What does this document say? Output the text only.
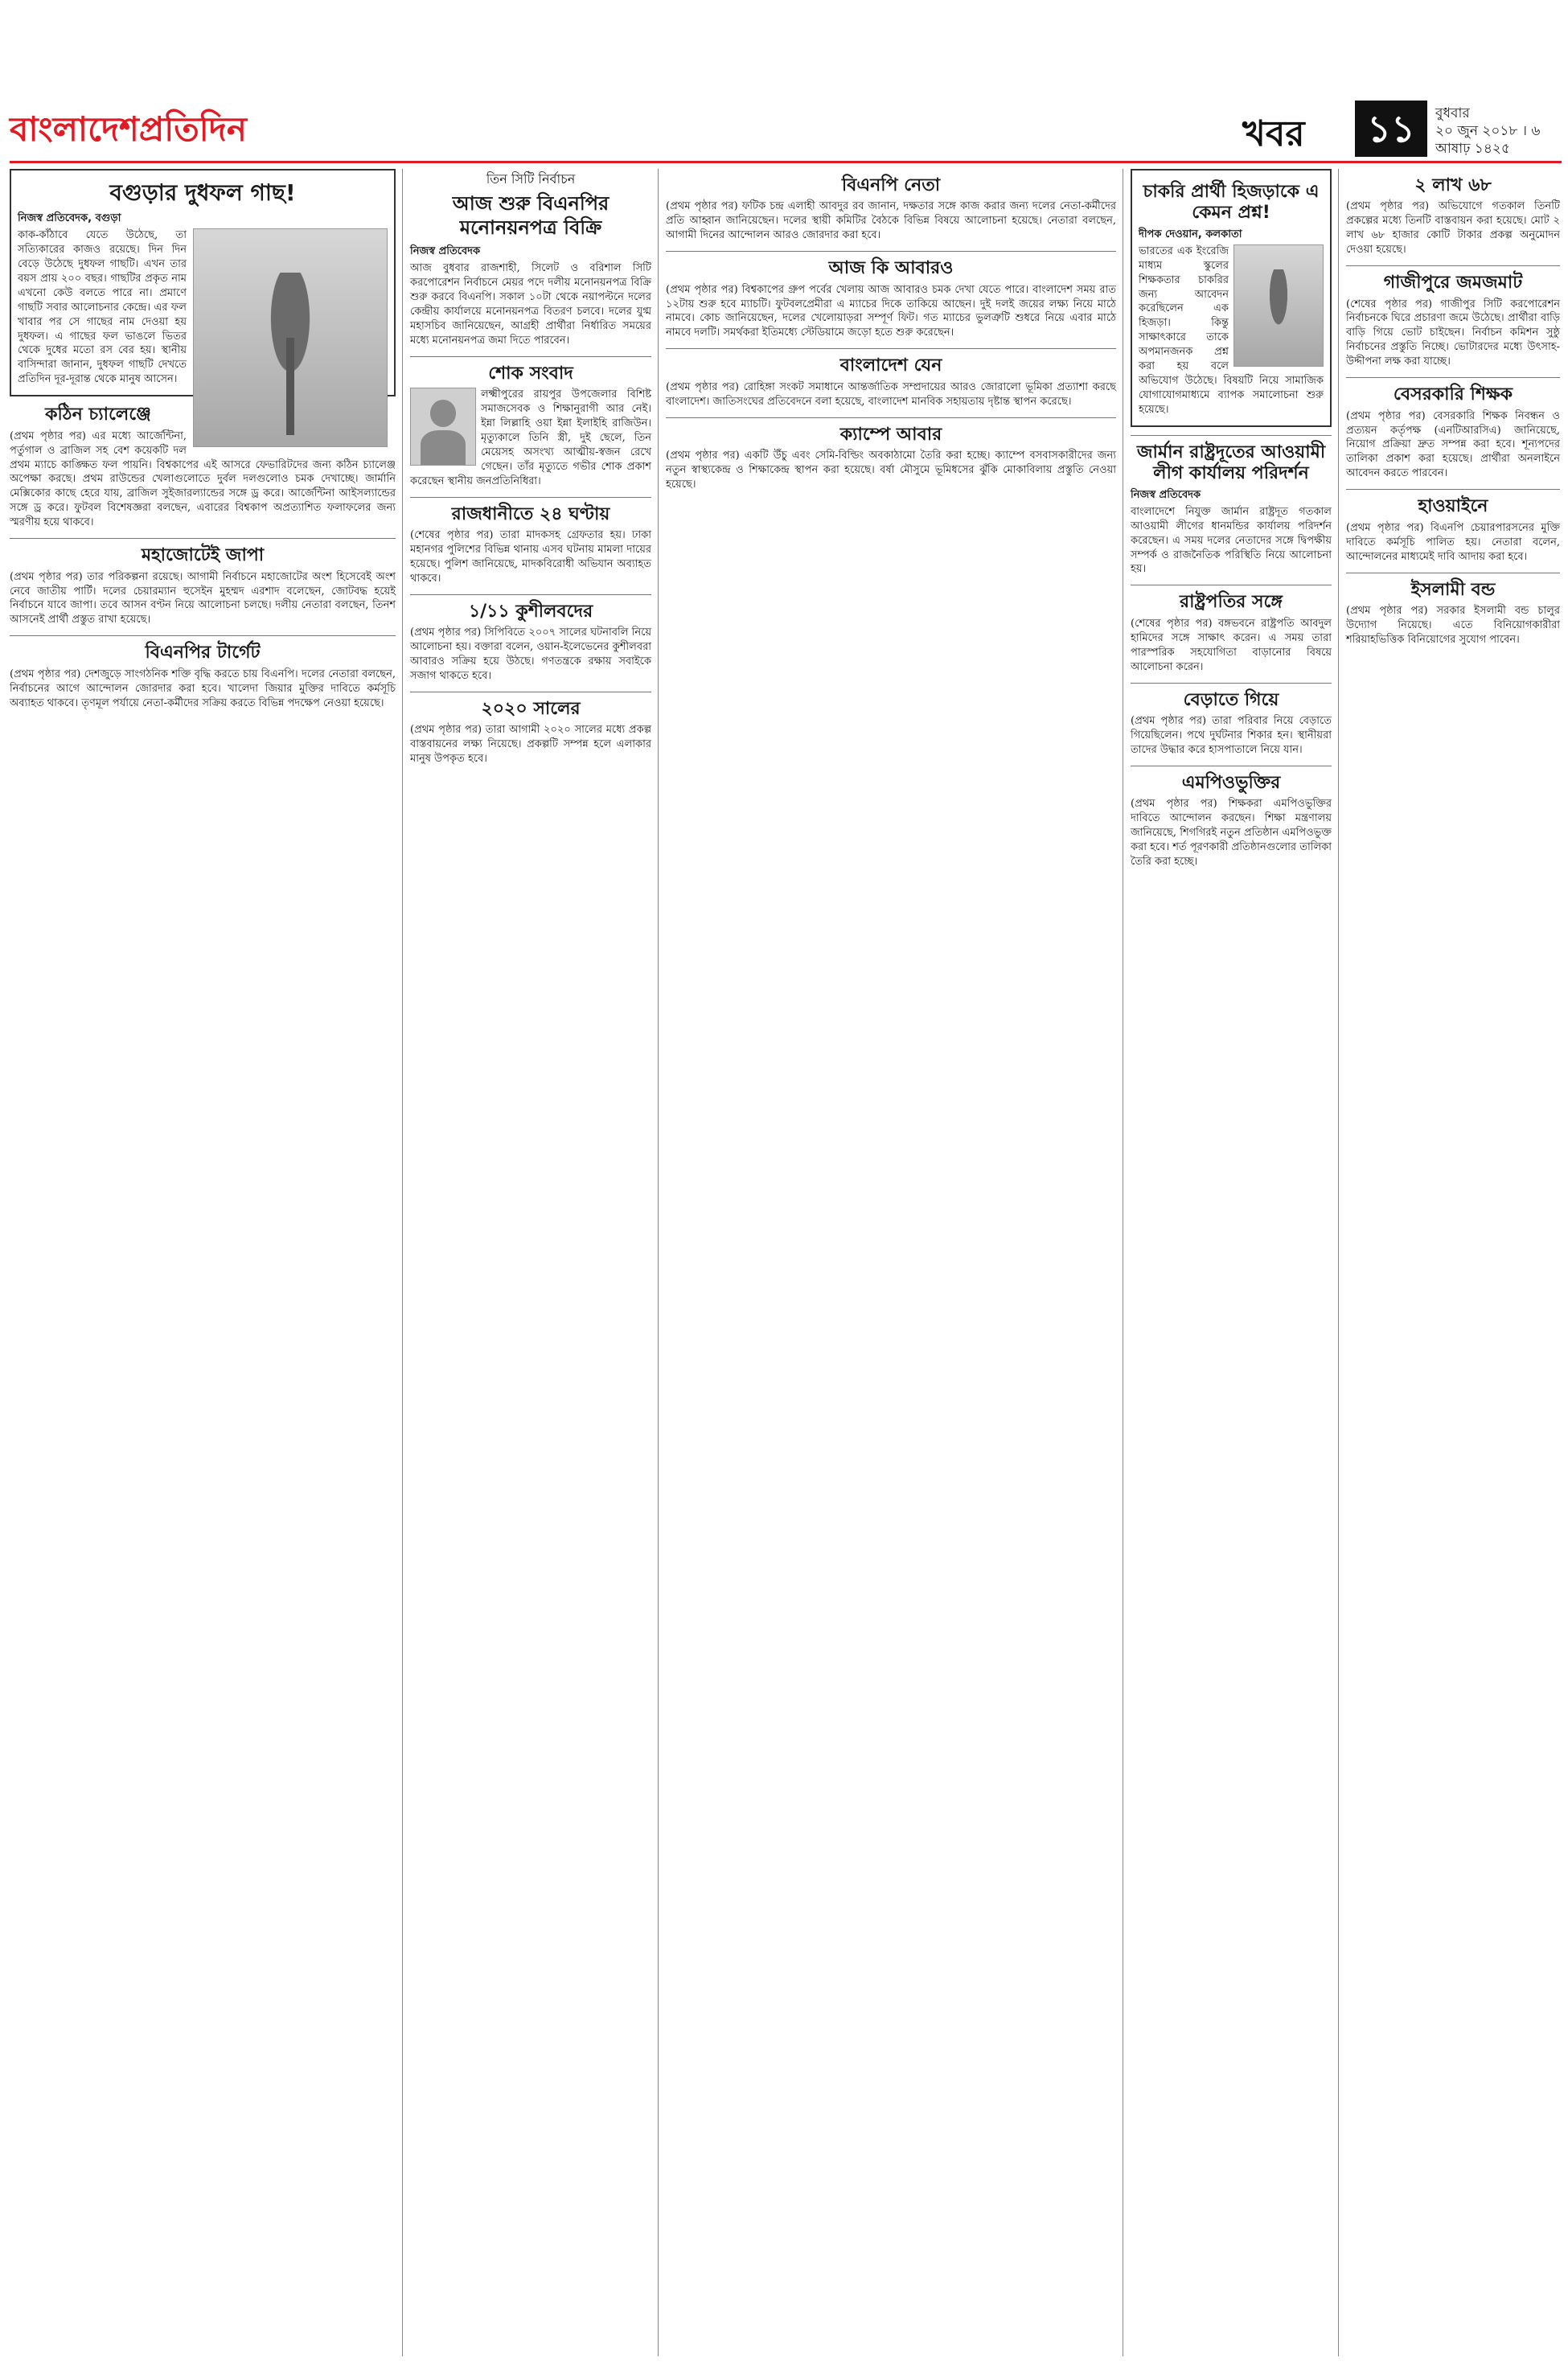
বাংলাদেশপ্রতিদিন	খবর	১১	বুধবার
২০ জুন ২০১৮ । ৬ আষাঢ় ১৪২৫
বগুড়ার দুধফল গাছ!
নিজস্ব প্রতিবেদক, বগুড়া

কাক-কাঁঠাবে যেতে উঠেছে, তা সত্যিকারের কাজও রয়েছে। দিন দিন বেড়ে উঠেছে দুধফল গাছটি। এখন তার বয়স প্রায় ২০০ বছর। গাছটির প্রকৃত নাম এখনো কেউ বলতে পারে না। প্রমাণে গাছটি সবার আলোচনার কেন্দ্রে। এর ফল খাবার পর সে গাছের নাম দেওয়া হয় দুধফল। এ গাছের ফল ভাঙলে ভিতর থেকে দুধের মতো রস বের হয়। স্থানীয় বাসিন্দারা জানান, দুধফল গাছটি দেখতে প্রতিদিন দূর-দূরান্ত থেকে মানুষ আসেন।

কঠিন চ্যালেঞ্জে

(প্রথম পৃষ্ঠার পর) এর মধ্যে আর্জেন্টিনা, পর্তুগাল ও ব্রাজিল সহ বেশ কয়েকটি দল প্রথম ম্যাচে কাঙ্ক্ষিত ফল পায়নি। বিশ্বকাপের এই আসরে ফেভারিটদের জন্য কঠিন চ্যালেঞ্জ অপেক্ষা করছে। প্রথম রাউন্ডের খেলাগুলোতে দুর্বল দলগুলোও চমক দেখাচ্ছে। জার্মানি মেক্সিকোর কাছে হেরে যায়, ব্রাজিল সুইজারল্যান্ডের সঙ্গে ড্র করে। আর্জেন্টিনা আইসল্যান্ডের সঙ্গে ড্র করে। ফুটবল বিশেষজ্ঞরা বলছেন, এবারের বিশ্বকাপ অপ্রত্যাশিত ফলাফলের জন্য স্মরণীয় হয়ে থাকবে।

মহাজোটেই জাপা

(প্রথম পৃষ্ঠার পর) তার পরিকল্পনা রয়েছে। আগামী নির্বাচনে মহাজোটের অংশ হিসেবেই অংশ নেবে জাতীয় পার্টি। দলের চেয়ারম্যান হুসেইন মুহম্মদ এরশাদ বলেছেন, জোটবদ্ধ হয়েই নির্বাচনে যাবে জাপা। তবে আসন বণ্টন নিয়ে আলোচনা চলছে। দলীয় নেতারা বলছেন, তিনশ আসনেই প্রার্থী প্রস্তুত রাখা হয়েছে।

বিএনপির টার্গেট

(প্রথম পৃষ্ঠার পর) দেশজুড়ে সাংগঠনিক শক্তি বৃদ্ধি করতে চায় বিএনপি। দলের নেতারা বলছেন, নির্বাচনের আগে আন্দোলন জোরদার করা হবে। খালেদা জিয়ার মুক্তির দাবিতে কর্মসূচি অব্যাহত থাকবে। তৃণমূল পর্যায়ে নেতা-কর্মীদের সক্রিয় করতে বিভিন্ন পদক্ষেপ নেওয়া হয়েছে।

তিন সিটি নির্বাচন
আজ শুরু বিএনপির মনোনয়নপত্র বিক্রি
নিজস্ব প্রতিবেদক

আজ বুধবার রাজশাহী, সিলেট ও বরিশাল সিটি করপোরেশন নির্বাচনে মেয়র পদে দলীয় মনোনয়নপত্র বিক্রি শুরু করবে বিএনপি। সকাল ১০টা থেকে নয়াপল্টনে দলের কেন্দ্রীয় কার্যালয়ে মনোনয়নপত্র বিতরণ চলবে। দলের যুগ্ম মহাসচিব জানিয়েছেন, আগ্রহী প্রার্থীরা নির্ধারিত সময়ের মধ্যে মনোনয়নপত্র জমা দিতে পারবেন।

শোক সংবাদ

লক্ষ্মীপুরের রায়পুর উপজেলার বিশিষ্ট সমাজসেবক ও শিক্ষানুরাগী আর নেই। ইন্না লিল্লাহি ওয়া ইন্না ইলাইহি রাজিউন। মৃত্যুকালে তিনি স্ত্রী, দুই ছেলে, তিন মেয়েসহ অসংখ্য আত্মীয়-স্বজন রেখে গেছেন। তাঁর মৃত্যুতে গভীর শোক প্রকাশ করেছেন স্থানীয় জনপ্রতিনিধিরা।

রাজধানীতে ২৪ ঘণ্টায়

(শেষের পৃষ্ঠার পর) তারা মাদকসহ গ্রেফতার হয়। ঢাকা মহানগর পুলিশের বিভিন্ন থানায় এসব ঘটনায় মামলা দায়ের হয়েছে। পুলিশ জানিয়েছে, মাদকবিরোধী অভিযান অব্যাহত থাকবে।

১/১১ কুশীলবদের

(প্রথম পৃষ্ঠার পর) সিপিবিতে ২০০৭ সালের ঘটনাবলি নিয়ে আলোচনা হয়। বক্তারা বলেন, ওয়ান-ইলেভেনের কুশীলবরা আবারও সক্রিয় হয়ে উঠছে। গণতন্ত্রকে রক্ষায় সবাইকে সজাগ থাকতে হবে।

২০২০ সালের

(প্রথম পৃষ্ঠার পর) তারা আগামী ২০২০ সালের মধ্যে প্রকল্প বাস্তবায়নের লক্ষ্য নিয়েছে। প্রকল্পটি সম্পন্ন হলে এলাকার মানুষ উপকৃত হবে।

বিএনপি নেতা

(প্রথম পৃষ্ঠার পর) ফটিক চন্দ্র এলাহী আবদুর রব জানান, দক্ষতার সঙ্গে কাজ করার জন্য দলের নেতা-কর্মীদের প্রতি আহ্বান জানিয়েছেন। দলের স্থায়ী কমিটির বৈঠকে বিভিন্ন বিষয়ে আলোচনা হয়েছে। নেতারা বলছেন, আগামী দিনের আন্দোলন আরও জোরদার করা হবে।

আজ কি আবারও

(প্রথম পৃষ্ঠার পর) বিশ্বকাপের গ্রুপ পর্বের খেলায় আজ আবারও চমক দেখা যেতে পারে। বাংলাদেশ সময় রাত ১২টায় শুরু হবে ম্যাচটি। ফুটবলপ্রেমীরা এ ম্যাচের দিকে তাকিয়ে আছেন। দুই দলই জয়ের লক্ষ্য নিয়ে মাঠে নামবে। কোচ জানিয়েছেন, দলের খেলোয়াড়রা সম্পূর্ণ ফিট। গত ম্যাচের ভুলত্রুটি শুধরে নিয়ে এবার মাঠে নামবে দলটি। সমর্থকরা ইতিমধ্যে স্টেডিয়ামে জড়ো হতে শুরু করেছেন।

বাংলাদেশ যেন

(প্রথম পৃষ্ঠার পর) রোহিঙ্গা সংকট সমাধানে আন্তর্জাতিক সম্প্রদায়ের আরও জোরালো ভূমিকা প্রত্যাশা করছে বাংলাদেশ। জাতিসংঘের প্রতিবেদনে বলা হয়েছে, বাংলাদেশ মানবিক সহায়তায় দৃষ্টান্ত স্থাপন করেছে।

ক্যাম্পে আবার

(প্রথম পৃষ্ঠার পর) একটি উঁচু এবং সেমি-বিল্ডিং অবকাঠামো তৈরি করা হচ্ছে। ক্যাম্পে বসবাসকারীদের জন্য নতুন স্বাস্থ্যকেন্দ্র ও শিক্ষাকেন্দ্র স্থাপন করা হয়েছে। বর্ষা মৌসুমে ভূমিধসের ঝুঁকি মোকাবিলায় প্রস্তুতি নেওয়া হয়েছে।

চাকরি প্রার্থী হিজড়াকে এ কেমন প্রশ্ন!
দীপক দেওয়ান, কলকাতা

ভারতের এক ইংরেজি মাধ্যম স্কুলের শিক্ষকতার চাকরির জন্য আবেদন করেছিলেন এক হিজড়া। কিন্তু সাক্ষাৎকারে তাকে অপমানজনক প্রশ্ন করা হয় বলে অভিযোগ উঠেছে। বিষয়টি নিয়ে সামাজিক যোগাযোগমাধ্যমে ব্যাপক সমালোচনা শুরু হয়েছে।

জার্মান রাষ্ট্রদূতের আওয়ামী লীগ কার্যালয় পরিদর্শন
নিজস্ব প্রতিবেদক

বাংলাদেশে নিযুক্ত জার্মান রাষ্ট্রদূত গতকাল আওয়ামী লীগের ধানমন্ডির কার্যালয় পরিদর্শন করেছেন। এ সময় দলের নেতাদের সঙ্গে দ্বিপক্ষীয় সম্পর্ক ও রাজনৈতিক পরিস্থিতি নিয়ে আলোচনা হয়।

রাষ্ট্রপতির সঙ্গে

(শেষের পৃষ্ঠার পর) বঙ্গভবনে রাষ্ট্রপতি আবদুল হামিদের সঙ্গে সাক্ষাৎ করেন। এ সময় তারা পারস্পরিক সহযোগিতা বাড়ানোর বিষয়ে আলোচনা করেন।

বেড়াতে গিয়ে

(প্রথম পৃষ্ঠার পর) তারা পরিবার নিয়ে বেড়াতে গিয়েছিলেন। পথে দুর্ঘটনার শিকার হন। স্থানীয়রা তাদের উদ্ধার করে হাসপাতালে নিয়ে যান।

এমপিওভুক্তির

(প্রথম পৃষ্ঠার পর) শিক্ষকরা এমপিওভুক্তির দাবিতে আন্দোলন করছেন। শিক্ষা মন্ত্রণালয় জানিয়েছে, শিগগিরই নতুন প্রতিষ্ঠান এমপিওভুক্ত করা হবে। শর্ত পূরণকারী প্রতিষ্ঠানগুলোর তালিকা তৈরি করা হচ্ছে।

২ লাখ ৬৮

(প্রথম পৃষ্ঠার পর) অভিযোগে গতকাল তিনটি প্রকল্পের মধ্যে তিনটি বাস্তবায়ন করা হয়েছে। মোট ২ লাখ ৬৮ হাজার কোটি টাকার প্রকল্প অনুমোদন দেওয়া হয়েছে।

গাজীপুরে জমজমাট

(শেষের পৃষ্ঠার পর) গাজীপুর সিটি করপোরেশন নির্বাচনকে ঘিরে প্রচারণা জমে উঠেছে। প্রার্থীরা বাড়ি বাড়ি গিয়ে ভোট চাইছেন। নির্বাচন কমিশন সুষ্ঠু নির্বাচনের প্রস্তুতি নিচ্ছে। ভোটারদের মধ্যে উৎসাহ-উদ্দীপনা লক্ষ করা যাচ্ছে।

বেসরকারি শিক্ষক

(প্রথম পৃষ্ঠার পর) বেসরকারি শিক্ষক নিবন্ধন ও প্রত্যয়ন কর্তৃপক্ষ (এনটিআরসিএ) জানিয়েছে, নিয়োগ প্রক্রিয়া দ্রুত সম্পন্ন করা হবে। শূন্যপদের তালিকা প্রকাশ করা হয়েছে। প্রার্থীরা অনলাইনে আবেদন করতে পারবেন।

হাওয়াইনে

(প্রথম পৃষ্ঠার পর) বিএনপি চেয়ারপারসনের মুক্তি দাবিতে কর্মসূচি পালিত হয়। নেতারা বলেন, আন্দোলনের মাধ্যমেই দাবি আদায় করা হবে।

ইসলামী বন্ড

(প্রথম পৃষ্ঠার পর) সরকার ইসলামী বন্ড চালুর উদ্যোগ নিয়েছে। এতে বিনিয়োগকারীরা শরিয়াহভিত্তিক বিনিয়োগের সুযোগ পাবেন।
